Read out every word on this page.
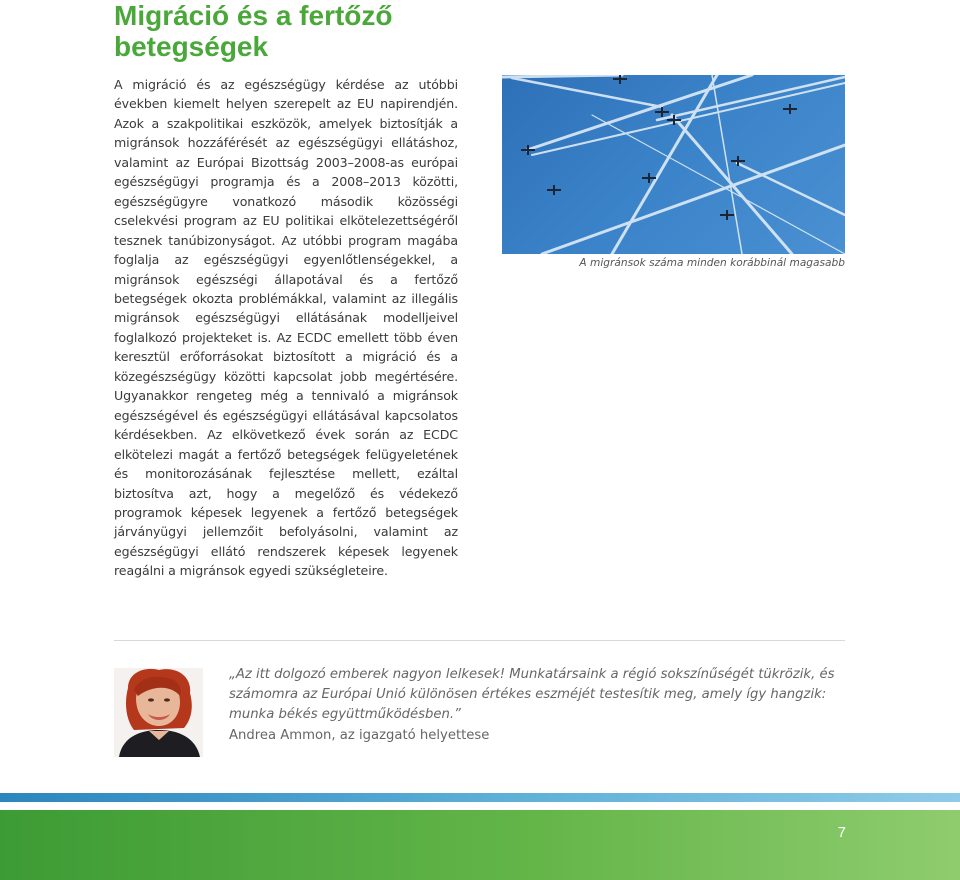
Migráció és a fertőző betegségek

A migráció és az egészségügy kérdése az utóbbi években kiemelt helyen szerepelt az EU napirendjén. Azok a szakpolitikai eszközök, amelyek biztosítják a migránsok hozzáférését az egészségügyi ellátáshoz, valamint az Európai Bizottság 2003–2008-as európai egészségügyi programja és a 2008–2013 közötti, egészségügyre vonatkozó második közösségi cselekvési program az EU politikai elkötelezettségéről tesznek tanúbizonyságot. Az utóbbi program magába foglalja az egészségügyi egyenlőtlenségekkel, a migránsok egészségi állapotával és a fertőző betegségek okozta problémákkal, valamint az illegális migránsok egészségügyi ellátásának modelljeivel foglalkozó projekteket is. Az ECDC emellett több éven keresztül erőforrásokat biztosított a migráció és a közegészségügy közötti kapcsolat jobb megértésére. Ugyanakkor rengeteg még a tennivaló a migránsok egészségével és egészségügyi ellátásával kapcsolatos kérdésekben. Az elkövetkező évek során az ECDC elkötelezi magát a fertőző betegségek felügyeletének és monitorozásának fejlesztése mellett, ezáltal biztosítva azt, hogy a megelőző és védekező programok képesek legyenek a fertőző betegségek járványügyi jellemzőit befolyásolni, valamint az egészségügyi ellátó rendszerek képesek legyenek reagálni a migránsok egyedi szükségleteire.

A migránsok száma minden korábbinál magasabb

„Az itt dolgozó emberek nagyon lelkesek! Munkatársaink a régió sokszínűségét tükrözik, és számomra az Európai Unió különösen értékes eszméjét testesítik meg, amely így hangzik: munka békés együttműködésben.”

Andrea Ammon, az igazgató helyettese

7
